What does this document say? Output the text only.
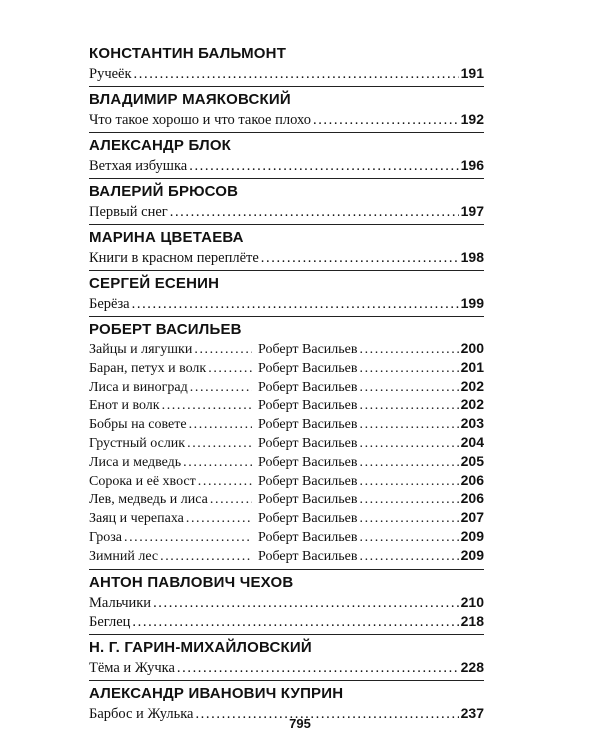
КОНСТАНТИН БАЛЬМОНТ
Ручеёк .....	191
ВЛАДИМИР МАЯКОВСКИЙ
Что такое хорошо и что такое плохо .....	192
АЛЕКСАНДР БЛОК
Ветхая избушка .....	196
ВАЛЕРИЙ БРЮСОВ
Первый снег .....	197
МАРИНА ЦВЕТАЕВА
Книги в красном переплёте .....	198
СЕРГЕЙ ЕСЕНИН
Берёза .....	199
РОБЕРТ ВАСИЛЬЕВ
Зайцы и лягушки .....	Роберт Васильев .....	200
Баран, петух и волк .....	Роберт Васильев .....	201
Лиса и виноград .....	Роберт Васильев .....	202
Енот и волк .....	Роберт Васильев .....	202
Бобры на совете .....	Роберт Васильев .....	203
Грустный ослик .....	Роберт Васильев .....	204
Лиса и медведь .....	Роберт Васильев .....	205
Сорока и её хвост .....	Роберт Васильев .....	206
Лев, медведь и лиса .....	Роберт Васильев .....	206
Заяц и черепаха .....	Роберт Васильев .....	207
Гроза .....	Роберт Васильев .....	209
Зимний лес .....	Роберт Васильев .....	209
АНТОН ПАВЛОВИЧ ЧЕХОВ
Мальчики .....	210
Беглец .....	218
Н. Г. ГАРИН-МИХАЙЛОВСКИЙ
Тёма и Жучка .....	228
АЛЕКСАНДР ИВАНОВИЧ КУПРИН
Барбос и Жулька .....	237
795
